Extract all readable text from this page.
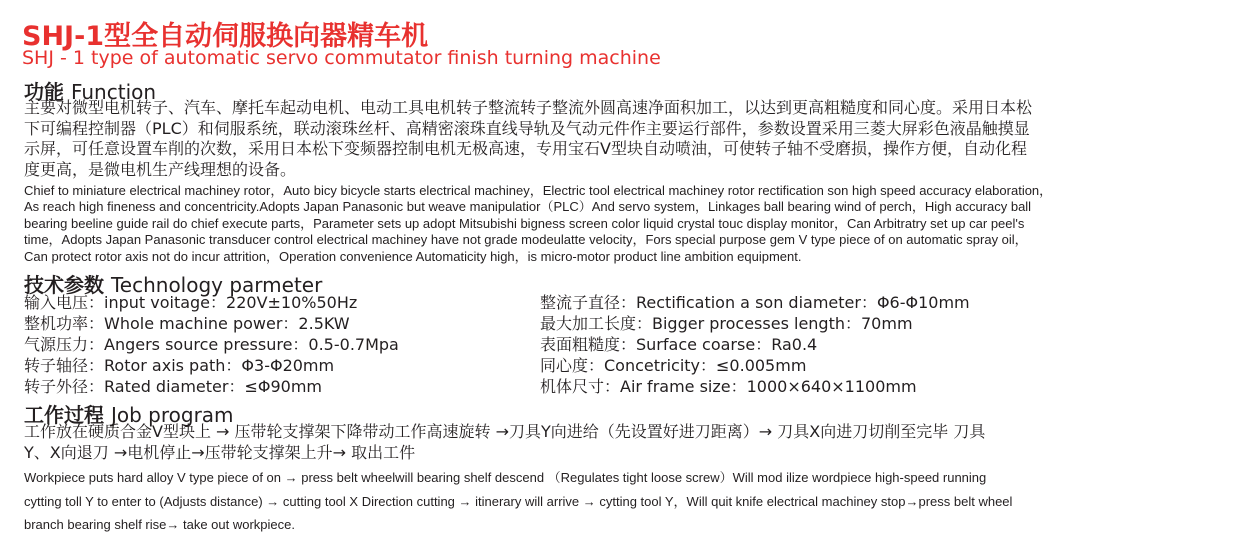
SHJ-1型全自动伺服换向器精车机
SHJ - 1 type of automatic servo commutator finish turning machine
功能 Function
主要对微型电机转子、汽车、摩托车起动电机、电动工具电机转子整流转子整流外圆高速净面积加工，以达到更高粗糙度和同心度。采用日本松
下可编程控制器（PLC）和伺服系统，联动滚珠丝杆、高精密滚珠直线导轨及气动元件作主要运行部件，参数设置采用三菱大屏彩色液晶触摸显
示屏，可任意设置车削的次数，采用日本松下变频器控制电机无极高速，专用宝石V型块自动喷油，可使转子轴不受磨损，操作方便，自动化程
度更高，是微电机生产线理想的设备。
Chief to miniature electrical machiney rotor，Auto bicy bicycle starts electrical machiney，Electric tool electrical machiney rotor rectification son high speed accuracy elaboration，
As reach high fineness and concentricity.Adopts Japan Panasonic but weave manipulatior（PLC）And servo system，Linkages ball bearing wind of perch，High accuracy ball
bearing beeline guide rail do chief execute parts，Parameter sets up adopt Mitsubishi bigness screen color liquid crystal touc display monitor，Can Arbitratry set up car peel's
time，Adopts Japan Panasonic transducer control electrical machiney have not grade modeulatte velocity，Fors special purpose gem V type piece of on automatic spray oil，
Can protect rotor axis not do incur attrition，Operation convenience Automaticity high，is micro-motor product line ambition equipment.
技术参数 Technology parmeter
输入电压：input voitage：220V±10%50Hz
整机功率：Whole machine power：2.5KW
气源压力：Angers source pressure：0.5-0.7Mpa
转子轴径：Rotor axis path：Φ3-Φ20mm
转子外径：Rated diameter：≤Φ90mm
整流子直径：Rectification a son diameter：Φ6-Φ10mm
最大加工长度：Bigger processes length：70mm
表面粗糙度：Surface coarse：Ra0.4
同心度：Concetricity：≤0.005mm
机体尺寸：Air frame size：1000×640×1100mm
工作过程 Job program
工作放在硬质合金V型块上 → 压带轮支撑架下降带动工作高速旋转 →刀具Y向进给（先设置好进刀距离）→ 刀具X向进刀切削至完毕 刀具
Y、X向退刀 →电机停止→压带轮支撑架上升→ 取出工件
Workpiece puts hard alloy V type piece of on → press belt wheelwill bearing shelf descend （Regulates tight loose screw）Will mod ilize wordpiece high-speed running
cytting toll Y to enter to (Adjusts distance) → cutting tool X Direction cutting → itinerary will arrive → cytting tool Y，Will quit knife electrical machiney stop→press belt wheel
branch bearing shelf rise→ take out workpiece.
